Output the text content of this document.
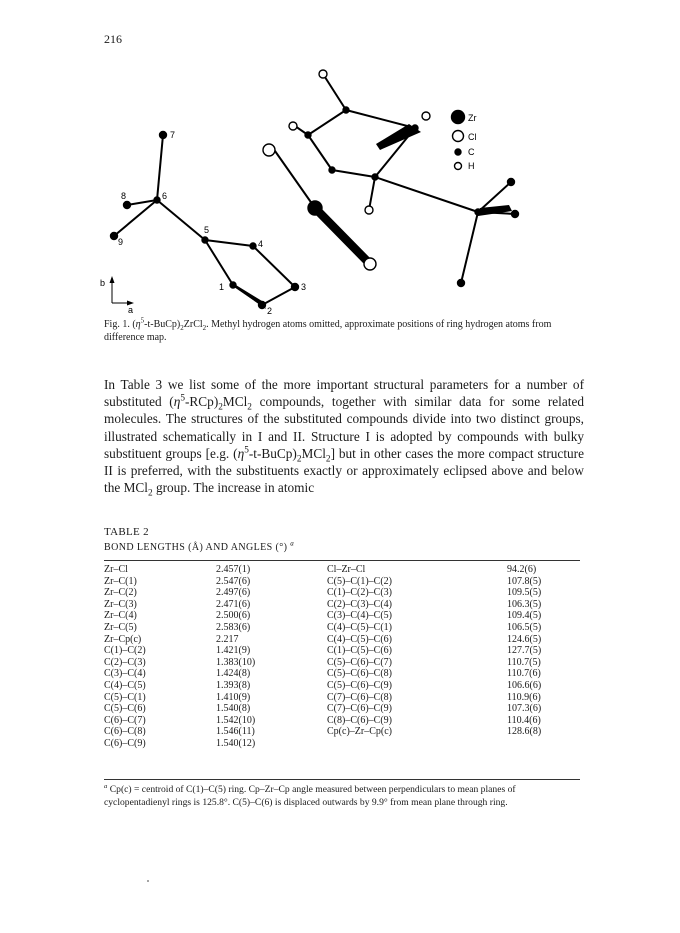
216
Zr
Cl
C
H
7
8	6
9
5
4
1
2
3
b
a
Fig. 1. $(\eta^5-t-BuCp)_2ZrCl_2$. Methyl hydrogen atoms omitted, approximate positions of ring hydrogen atoms from difference map.
In Table 3 we list some of the more important structural parameters for a number of substituted $(\eta^5-RCp)_2MCl_2$ compounds, together with similar data for some related molecules. The structures of the substituted compounds divide into two distinct groups, illustrated schematically in I and II. Structure I is adopted by compounds with bulky substituent groups [e.g. $(\eta^5-t-BuCp)_2MCl_2$] but in other cases the more compact structure II is preferred, with the substituents exactly or approximately eclipsed above and below the MCl$_2$ group. The increase in atomic
TABLE 2
BOND LENGTHS (Å) AND ANGLES (°) $^a$
Zr–Cl	2.457(1)	Cl–Zr–Cl	94.2(6)
Zr–C(1)	2.547(6)	C(5)–C(1)–C(2)	107.8(5)
Zr–C(2)	2.497(6)	C(1)–C(2)–C(3)	109.5(5)
Zr–C(3)	2.471(6)	C(2)–C(3)–C(4)	106.3(5)
Zr–C(4)	2.500(6)	C(3)–C(4)–C(5)	109.4(5)
Zr–C(5)	2.583(6)	C(4)–C(5)–C(1)	106.5(5)
Zr–Cp(c)	2.217	C(4)–C(5)–C(6)	124.6(5)
C(1)–C(2)	1.421(9)	C(1)–C(5)–C(6)	127.7(5)
C(2)–C(3)	1.383(10)	C(5)–C(6)–C(7)	110.7(5)
C(3)–C(4)	1.424(8)	C(5)–C(6)–C(8)	110.7(6)
C(4)–C(5)	1.393(8)	C(5)–C(6)–C(9)	106.6(6)
C(5)–C(1)	1.410(9)	C(7)–C(6)–C(8)	110.9(6)
C(5)–C(6)	1.540(8)	C(7)–C(6)–C(9)	107.3(6)
C(6)–C(7)	1.542(10)	C(8)–C(6)–C(9)	110.4(6)
C(6)–C(8)	1.546(11)	Cp(c)–Zr–Cp(c)	128.6(8)
C(6)–C(9)	1.540(12)		
$^a$ Cp(c) = centroid of C(1)–C(5) ring. Cp–Zr–Cp angle measured between perpendiculars to mean planes of cyclopentadienyl rings is 125.8°. C(5)–C(6) is displaced outwards by 9.9° from mean plane through ring.
